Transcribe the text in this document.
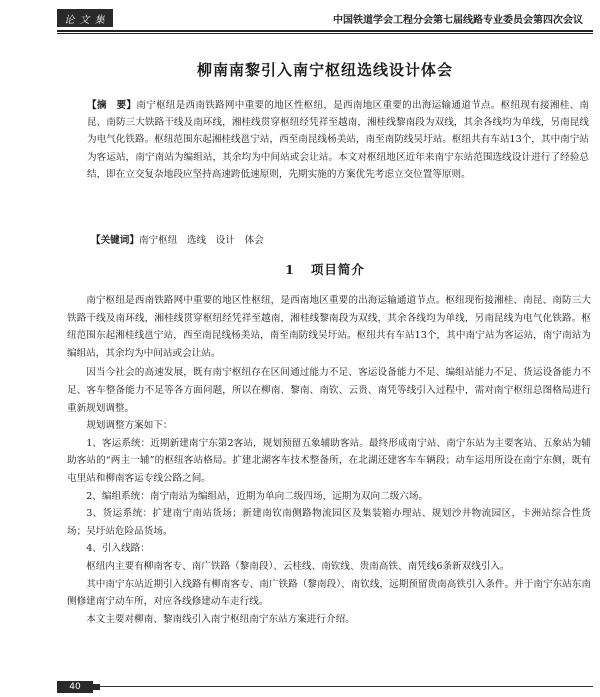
论 文 集	中国铁道学会工程分会第七届线路专业委员会第四次会议
柳南南黎引入南宁枢纽选线设计体会
【摘　要】南宁枢纽是西南铁路网中重要的地区性枢纽，是西南地区重要的出海运输通道节点。枢纽现有接湘桂、南昆、南防三大铁路干线及南环线，湘桂线贯穿枢纽经凭祥至越南，湘桂线黎南段为双线，其余各线均为单线，另南昆线为电气化铁路。枢纽范围东起湘桂线邕宁站，西至南昆线杨美站，南至南防线吴圩站。枢纽共有车站13个，其中南宁站为客运站，南宁南站为编组站，其余均为中间站或会让站。本文对枢纽地区近年来南宁东站范围选线设计进行了经验总结，即在立交复杂地段应坚持高速跨低速原则，先期实施的方案优先考虑立交位置等原则。
【关键词】南宁枢纽　选线　设计　体会
1 项目简介

南宁枢纽是西南铁路网中重要的地区性枢纽，是西南地区重要的出海运输通道节点。枢纽现衔接湘桂、南昆、南防三大铁路干线及南环线，湘桂线贯穿枢纽经凭祥至越南，湘桂线黎南段为双线，其余各线均为单线，另南昆线为电气化铁路。枢纽范围东起湘桂线邕宁站，西至南昆线杨美站，南至南防线吴圩站。枢纽共有车站13个，其中南宁站为客运站，南宁南站为编组站，其余均为中间站或会让站。

因当今社会的高速发展，既有南宁枢纽存在区间通过能力不足、客运设备能力不足、编组站能力不足、货运设备能力不足、客车整备能力不足等各方面问题，所以在柳南、黎南、南钦、云贵、南凭等线引入过程中，需对南宁枢纽总图格局进行重新规划调整。

规划调整方案如下：

1、客运系统：近期新建南宁东第2客站，规划预留五象辅助客站。最终形成南宁站、南宁东站为主要客站、五象站为辅助客站的“两主一辅”的枢纽客站格局。扩建北湖客车技术整备所，在北湖还建客车车辆段；动车运用所设在南宁东侧，既有屯里站和柳南客运专线公路之间。

2、编组系统：南宁南站为编组站，近期为单向二级四场，远期为双向二级六场。

3、货运系统：扩建南宁南站货场；新建南钦南侧路物流园区及集装箱办理站、规划沙井物流园区，卡洲站综合性货场；吴圩站危险品货场。

4、引入线路：

枢纽内主要有柳南客专、南广铁路（黎南段）、云桂线、南钦线、贵南高铁、南凭线6条新双线引入。

其中南宁东站近期引入线路有柳南客专、南广铁路（黎南段）、南钦线，远期预留贵南高铁引入条件。并于南宁东站东南侧修建南宁动车所，对应各线修建动车走行线。

本文主要对柳南、黎南线引入南宁枢纽南宁东站方案进行介绍。

40
